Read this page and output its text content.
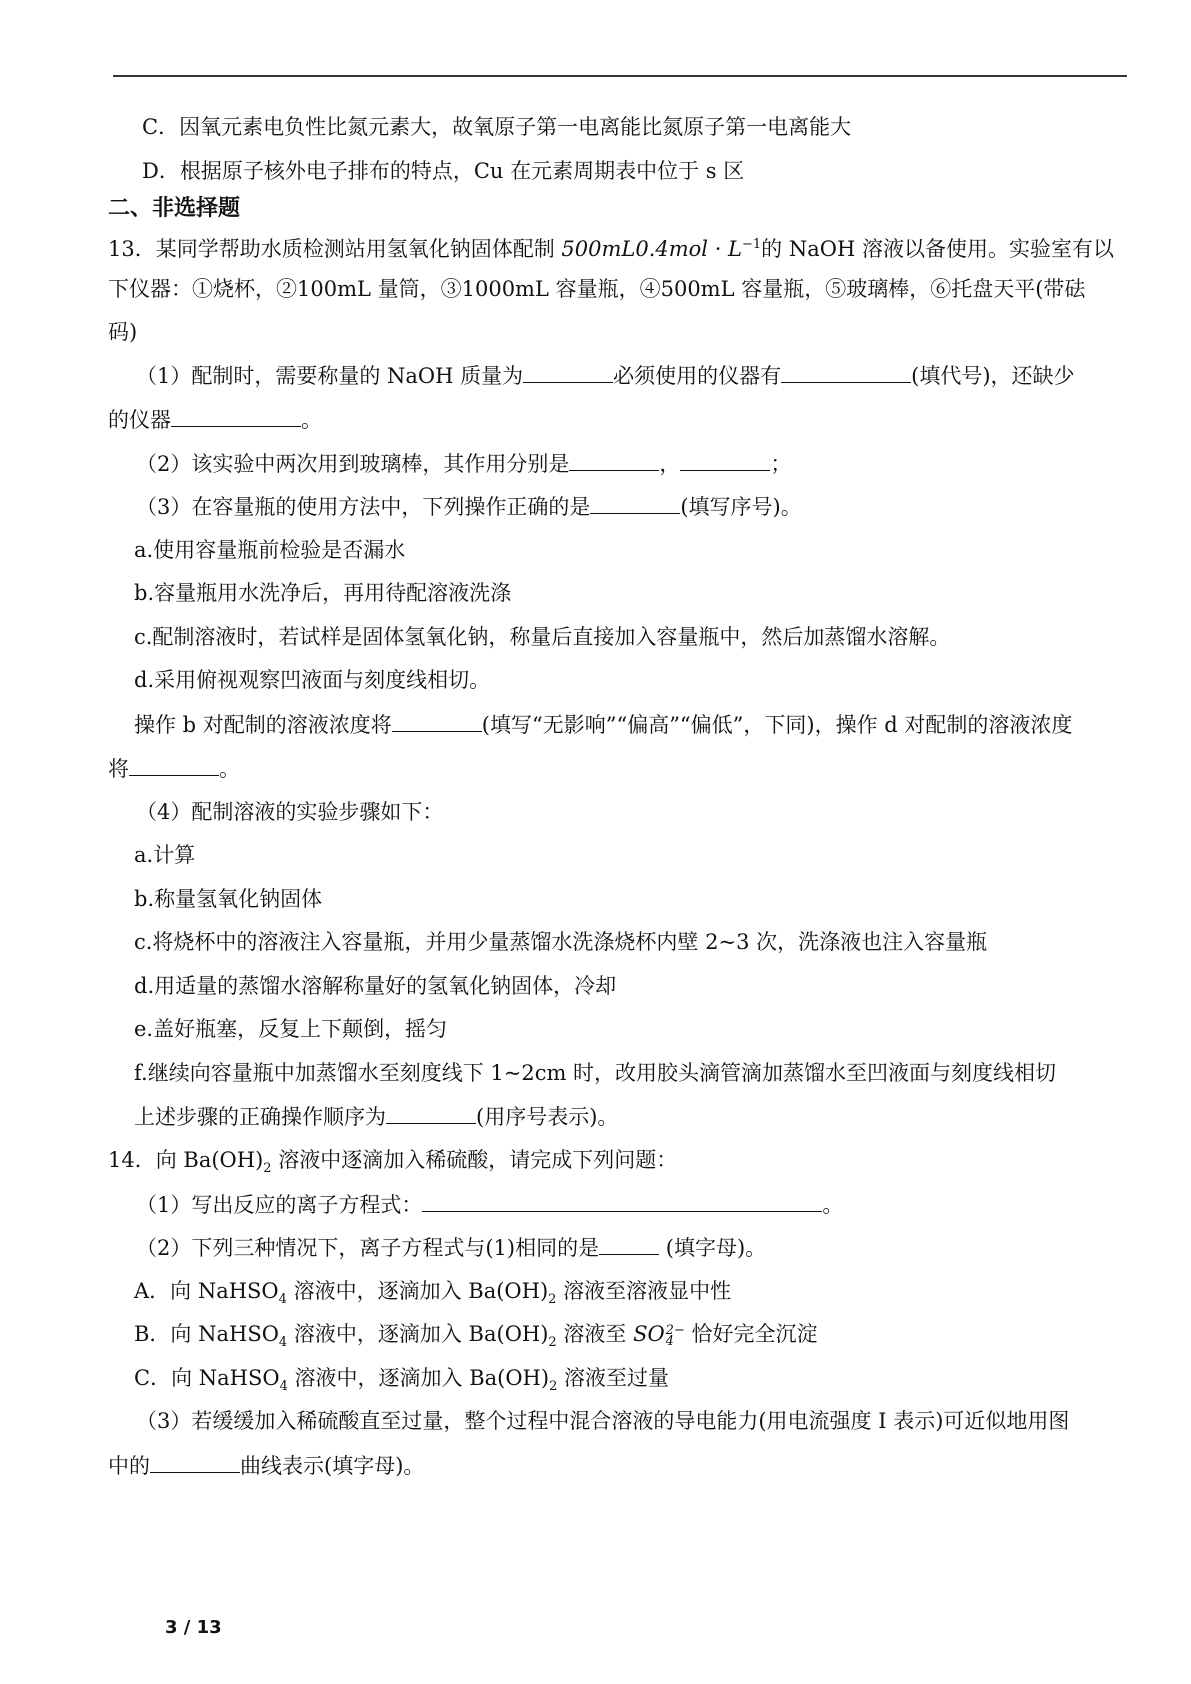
C．因氧元素电负性比氮元素大，故氧原子第一电离能比氮原子第一电离能大
D．根据原子核外电子排布的特点，Cu 在元素周期表中位于 s 区
二、非选择题
13．某同学帮助水质检测站用氢氧化钠固体配制 $500mL0.4mol \cdot L^{-1}$的 NaOH 溶液以备使用。实验室有以
下仪器：①烧杯，②100mL 量筒，③1000mL 容量瓶，④500mL 容量瓶，⑤玻璃棒，⑥托盘天平(带砝
码)
（1）配制时，需要称量的 NaOH 质量为	必须使用的仪器有	(填代号)，还缺少
的仪器	。
（2）该实验中两次用到玻璃棒，其作用分别是	，	；
（3）在容量瓶的使用方法中，下列操作正确的是	(填写序号)。
a.使用容量瓶前检验是否漏水
b.容量瓶用水洗净后，再用待配溶液洗涤
c.配制溶液时，若试样是固体氢氧化钠，称量后直接加入容量瓶中，然后加蒸馏水溶解。
d.采用俯视观察凹液面与刻度线相切。
操作 b 对配制的溶液浓度将	(填写“无影响”“偏高”“偏低”，下同)，操作 d 对配制的溶液浓度
将	。
（4）配制溶液的实验步骤如下：
a.计算
b.称量氢氧化钠固体
c.将烧杯中的溶液注入容量瓶，并用少量蒸馏水洗涤烧杯内壁 2~3 次，洗涤液也注入容量瓶
d.用适量的蒸馏水溶解称量好的氢氧化钠固体，冷却
e.盖好瓶塞，反复上下颠倒，摇匀
f.继续向容量瓶中加蒸馏水至刻度线下 1~2cm 时，改用胶头滴管滴加蒸馏水至凹液面与刻度线相切
上述步骤的正确操作顺序为	(用序号表示)。
14．向 $Ba(OH)_2$ 溶液中逐滴加入稀硫酸，请完成下列问题：
（1）写出反应的离子方程式：	。
（2）下列三种情况下，离子方程式与(1)相同的是	(填字母)。
A．向 NaHSO$_4$ 溶液中，逐滴加入 $Ba(OH)_2$ 溶液至溶液显中性
B．向 NaHSO$_4$ 溶液中，逐滴加入 $Ba(OH)_2$ 溶液至 SO 2−
4 恰好完全沉淀
C．向 NaHSO$_4$ 溶液中，逐滴加入 $Ba(OH)_2$ 溶液至过量
（3）若缓缓加入稀硫酸直至过量，整个过程中混合溶液的导电能力(用电流强度 I 表示)可近似地用图
中的	曲线表示(填字母)。
3 / 13
